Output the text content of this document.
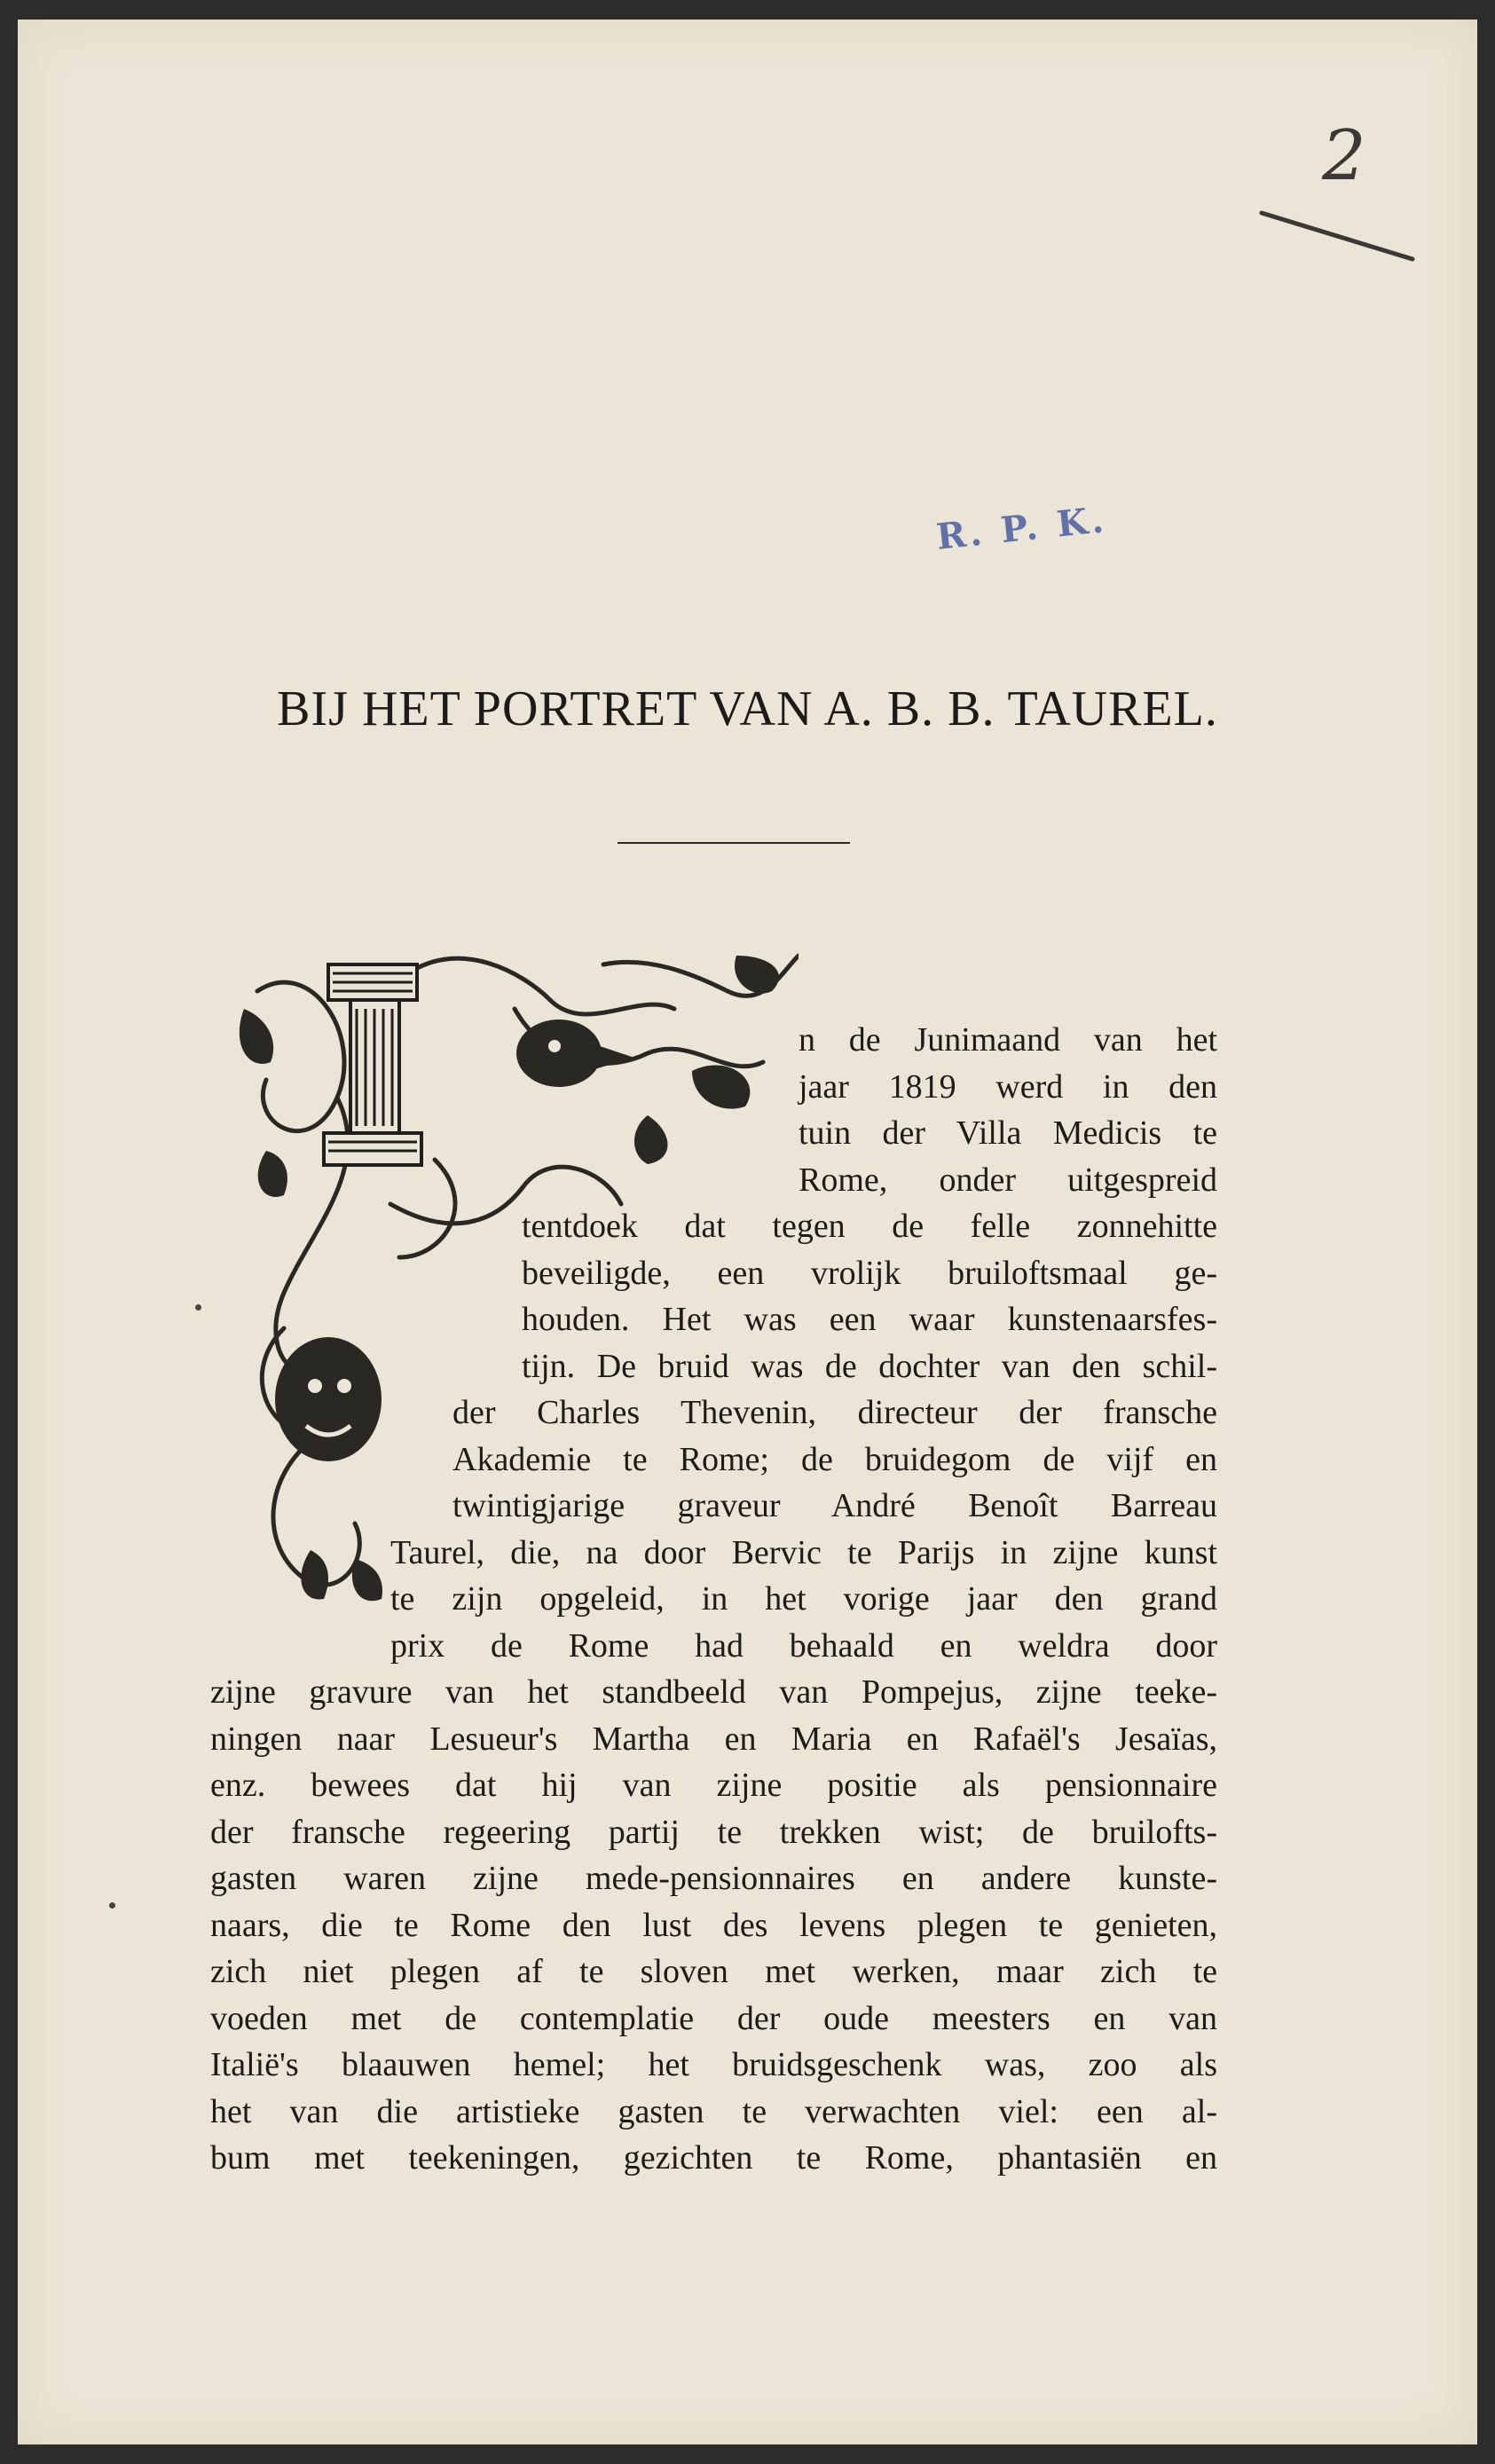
2
R. P. K.
BIJ HET PORTRET VAN A. B. B. TAUREL.
n de Junimaand van het
jaar 1819 werd in den
tuin der Villa Medicis te
Rome, onder uitgespreid
tentdoek dat tegen de felle zonnehitte
beveiligde, een vrolijk bruiloftsmaal ge-
houden. Het was een waar kunstenaarsfes-
tijn. De bruid was de dochter van den schil-
der Charles Thevenin, directeur der fransche
Akademie te Rome; de bruidegom de vijf en
twintigjarige graveur André Benoît Barreau
Taurel, die, na door Bervic te Parijs in zijne kunst
te zijn opgeleid, in het vorige jaar den grand
prix de Rome had behaald en weldra door
zijne gravure van het standbeeld van Pompejus, zijne teeke-
ningen naar Lesueur's Martha en Maria en Rafaël's Jesaïas,
enz. bewees dat hij van zijne positie als pensionnaire
der fransche regeering partij te trekken wist; de bruilofts-
gasten waren zijne mede-pensionnaires en andere kunste-
naars, die te Rome den lust des levens plegen te genieten,
zich niet plegen af te sloven met werken, maar zich te
voeden met de contemplatie der oude meesters en van
Italië's blaauwen hemel; het bruidsgeschenk was, zoo als
het van die artistieke gasten te verwachten viel: een al-
bum met teekeningen, gezichten te Rome, phantasiën en
